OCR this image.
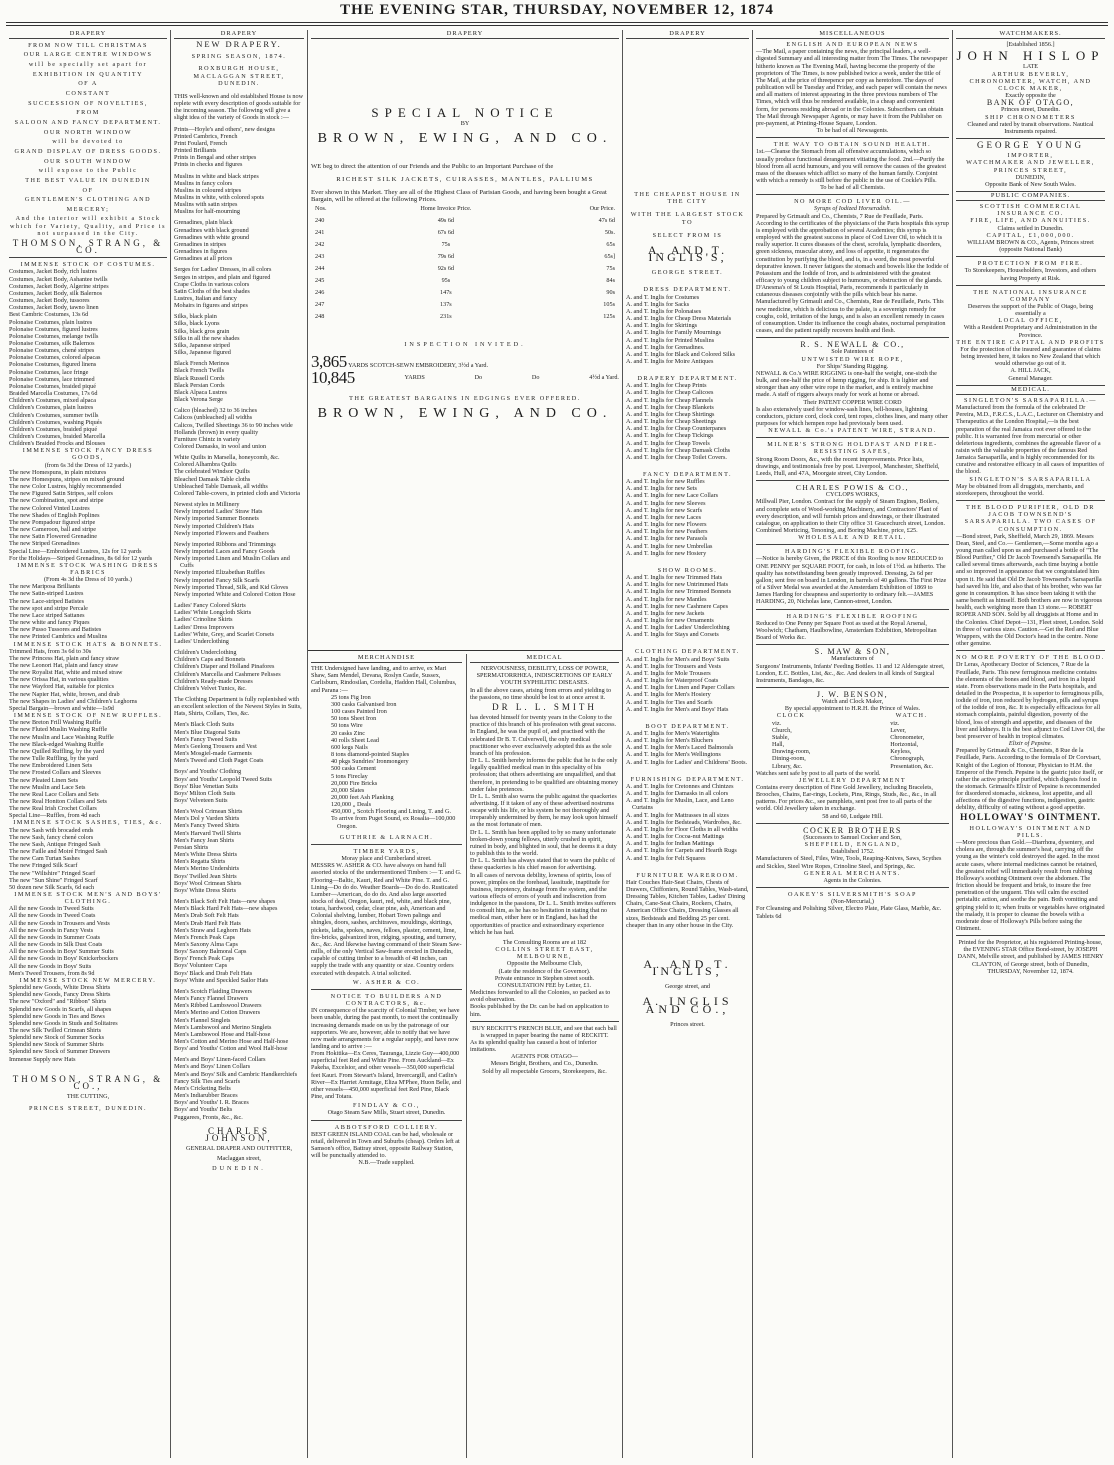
THE EVENING STAR, THURSDAY, NOVEMBER 12, 1874
DRAPERY
FROM NOW TILL CHRISTMAS
OUR LARGE CENTRE WINDOWS
will be specially set apart for
EXHIBITION IN QUANTITY
OF A
CONSTANT
SUCCESSION OF NOVELTIES,
FROM
SALOON AND FANCY DEPARTMENT.
OUR NORTH WINDOW
will be devoted to
GRAND DISPLAY OF DRESS GOODS.
OUR SOUTH WINDOW
will expose to the Public
THE BEST VALUE IN DUNEDIN
OF
GENTLEMEN'S CLOTHING AND
MERCERY;
And the interior will exhibit a Stock which for Variety, Quality, and Price is not surpassed in the City.
THOMSON, STRANG, & CO.
IMMENSE STOCK OF COSTUMES.
Costumes, Jacket Body, rich lustres
Costumes, Jacket Body, Ashantee twills
Costumes, Jacket Body, Algerine stripes
Costumes, Jacket Body, silk Balernos
Costumes, Jacket Body, tussores
Costumes, Jacket Body, tawno linen
Best Cambric Costumes, 13s 6d
Polonaise Costumes, plain lustres
Polonaise Costumes, figured lustres
Polonaise Costumes, melange twills
Polonaise Costumes, silk Balernos
Polonaise Costumes, chené stripes
Polonaise Costumes, colored alpacas
Polonaise Costumes, figured linens
Polonaise Costumes, lace fringe
Polonaise Costumes, lace trimmed
Polonaise Costumes, braided piqué
Braided Marcella Costumes, 17s 6d
Children's Costumes, mixed alpaca
Children's Costumes, plain lustres
Children's Costumes, summer twills
Children's Costumes, washing Piqués
Children's Costumes, braided piqué
Children's Costumes, braided Marcella
Children's Braided Frocks and Blouses
IMMENSE STOCK FANCY DRESS GOODS,
(from 6s 3d the Dress of 12 yards.)
The new Homespuns, in plain mixtures
The new Homespuns, stripes on mixed ground
The new Color Lustres, highly recommended
The new Figured Satin Stripes, self colors
The new Combination, spot and stripe
The new Colored Vinted Lustres
The new Shades of English Poplines
The new Pompadour figured stripe
The new Cameroon, ball and stripe
The new Satin Flowered Grenadine
The new Striped Grenadines
Special Line—Embroidered Lustres, 12s for 12 yards
For the Holidays—Striped Grenadines, 8s 6d for 12 yards
IMMENSE STOCK WASHING DRESS FABRICS
(From 4s 3d the Dress of 10 yards.)
The new Mariposa Brilliants
The new Satin-striped Lustres
The new Lace-striped Batistes
The new spot and stripe Percale
The new Lace striped Sattanes
The new white and fancy Piques
The new Pusso Tussores and Batistes
The new Printed Cambrics and Muslins
IMMENSE STOCK HATS & BONNETS.
Trimmed Hats, from 3s 6d to 30s
The new Princess Hat, plain and fancy straw
The new Leonori Hat, plain and fancy straw
The new Royalist Hat, white and mixed straw
The new Orissa Hat, in various qualities
The new Wayford Hat, suitable for picnics
The new Napier Hat, white, brown, and drab
The new Shapes in Ladies' and Children's Leghorns
Special Bargain—brown and white—1s9d
IMMENSE STOCK OF NEW RUFFLES.
The new Breton Frill Washing Ruffle
The new Fluted Muslin Washing Ruffle
The new Muslin and Lace Washing Ruffle
The new Black-edged Washing Ruffle
The new Quilled Ruffling, by the yard
The new Tulle Ruffling, by the yard
The new Embroidered Linen Sets
The new Frosted Collars and Sleeves
The new Pleated Linen Sets
The new Muslin and Lace Sets
The new Real Lace Collars and Sets
The new Real Honiton Collars and Sets
The new Real Irish Crochet Collars
Special Line—Ruffles, from 4d each
IMMENSE STOCK SASHES, TIES, &c.
The new Sash with brocaded ends
The new Sash, fancy chené colors
The new Sash, Antique Fringed Sash
The new Faille and Moiré Fringed Sash
The new Cam Turtan Sashes
The new Fringed Silk Scarf
The new "Wiltshire" Fringed Scarf
The new "Sun Shine" Fringed Scarf
50 dozen new Silk Scarfs, 6d each
IMMENSE STOCK MEN'S AND BOYS' CLOTHING.
All the new Goods in Tweed Suits
All the new Goods in Tweed Coats
All the new Goods in Trousers and Vests
All the new Goods in Fancy Vests
All the new Goods in Summer Coats
All the new Goods in Silk Dust Coats
All the new Goods in Boys' Summer Suits
All the new Goods in Boys' Knickerbockers
All the new Goods in Boys' Suits
Men's Tweed Trousers, from 8s 9d
IMMENSE STOCK NEW MERCERY.
Splendid new Goods, White Dress Shirts
Splendid new Goods, Fancy Dress Shirts
The new "Oxford" and "Ribbon" Shirts
Splendid new Goods in Scarfs, all shapes
Splendid new Goods in Ties and Bows
Splendid new Goods in Studs and Solitaires
The new Silk Twilled Crimean Shirts
Splendid new Stock of Summer Socks
Splendid new Stock of Summer Shirts
Splendid new Stock of Summer Drawers
Immense Supply new Hats
THOMSON, STRANG, & CO.,
THE CUTTING,
PRINCES STREET, DUNEDIN.
DRAPERY
NEW DRAPERY.
SPRING SEASON, 1874.
ROXBURGH HOUSE,
MACLAGGAN STREET, DUNEDIN.

THIS well-known and old established House is now replete with every description of goods suitable for the incoming season. The following will give a slight idea of the variety of Goods in stock :—

Prints—Hoyle's and others', new designs
Printed Cambrics, French
Print Foulard, French
Printed Brilliants
Prints in Bengal and other stripes
Prints in checks and figures
Muslins in white and black stripes
Muslins in fancy colors
Muslins in coloured stripes
Muslins in white, with colored spots
Muslins with satin stripes
Muslins for half-mourning
Grenadines, plain black
Grenadines with black ground
Grenadines with white ground
Grenadines in stripes
Grenadines in figures
Grenadines at all prices
Serges for Ladies' Dresses, in all colors
Serges in stripes, and plain and figured
Crape Cloths in various colors
Satin Cloths of the best shades
Lustres, Italian and fancy
Mohairs in figures and stripes
Silks, black plain
Silks, black Lyons
Silks, black gros grain
Silks in all the new shades
Silks, Japanese striped
Silks, Japanese figured
Black French Merinos
Black French Twills
Black Russell Cords
Black Persian Cords
Black Alpaca Lustres
Black Verona Serge
Calico (bleached) 32 to 36 inches
Calicos (unbleached) all widths
Calicos, Twilled Sheetings 36 to 90 inches wide
Hollands (brown) in every quality
Furniture Chintz in variety
Colored Damasks, in wool and union
White Quilts in Marsella, honeycomb, &c.
Colored Alhambra Quilts
The celebrated Windsor Quilts
Bleached Damask Table cloths
Unbleached Table Damask, all widths
Colored Table-covers, in printed cloth and Victoria
Newest styles in Millinery
Newly imported Ladies' Straw Hats
Newly imported Summer Bonnets
Newly imported Children's Hats
Newly imported Flowers and Feathers
Newly imported Ribbons and Trimmings
Newly imported Laces and Fancy Goods
Newly imported Linen and Muslin Collars and Cuffs
Newly imported Elizabethan Ruffles
Newly imported Fancy Silk Scarfs
Newly imported Thread, Silk, and Kid Gloves
Newly imported White and Colored Cotton Hose
Ladies' Fancy Colored Skirts
Ladies' White Longcloth Skirts
Ladies' Crinoline Skirts
Ladies' Dress Improvers
Ladies' White, Grey, and Scarlet Corsets
Ladies' Underclothing
Children's Underclothing
Children's Caps and Bonnets
Children's Diaper and Holland Pinafores
Children's Marcella and Cashmere Pelisses
Children's Ready-made Dresses
Children's Velvet Tunics, &c.

The Clothing Department is fully replenished with an excellent selection of the Newest Styles in Suits, Hats, Shirts, Collars, Ties, &c.

Men's Black Cloth Suits
Men's Blue Diagonal Suits
Men's Fancy Tweed Suits
Men's Geelong Trousers and Vest
Men's Mosgiel-made Garments
Men's Tweed and Cloth Paget Coats
Boys' and Youths' Clothing
Boys' and Youths' Leopold Tweed Suits
Boys' Blue Venetian Suits
Boys' Milton Cloth Suits
Boys' Velveteen Suits
Men's Wool Crimean Shirts
Men's Dol y Varden Shirts
Men's Fancy Tweed Shirts
Men's Harvard Twill Shirts
Men's Fancy Jean Shirts
Persian Shirts
Men's White Dress Shirts
Men's Regatta Shirts
Men's Merino Undershirts
Boys' Twilled Jean Shirts
Boys' Wool Crimean Shirts
Boys' White Dress Shirts
Men's Black Soft Felt Hats—new shapes
Men's Black Hard Felt Hats—new shapes
Men's Drab Soft Felt Hats
Men's Drab Hard Felt Hats
Men's Straw and Leghorn Hats
Men's French Peak Caps
Men's Saxony Alma Caps
Boys' Saxony Balmoral Caps
Boys' French Peak Caps
Boys' Volunteer Caps
Boys' Black and Drab Felt Hats
Boys' White and Speckled Sailor Hats
Men's Scotch Flaiding Drawers
Men's Fancy Flannel Drawers
Men's Ribbed Lambswool Drawers
Men's Merino and Cotton Drawers
Men's Flannel Singlets
Men's Lambswool and Merino Singlets
Men's Lambswool Hose and Half-hose
Men's Cotton and Merino Hose and Half-hose
Boys' and Youths' Cotton and Wool Half-hose
Men's and Boys' Linen-faced Collars
Men's and Boys' Linen Collars
Men's and Boys' Silk and Cambric Handkerchiefs
Fancy Silk Ties and Scarfs
Men's Cricketing Belts
Men's Indiarubber Braces
Boys' and Youths' I. R. Braces
Boys' and Youths' Belts
Puggarees, Fronts, &c., &c.
CHARLES JOHNSON,
GENERAL DRAPER AND OUTFITTER,
Maclaggan street,
DUNEDIN.
DRAPERY
SPECIAL NOTICE
BY
BROWN, EWING, AND CO.

WE beg to direct the attention of our Friends and the Public to an Important Purchase of the

RICHEST SILK JACKETS, CUIRASSES, MANTLES, PALLIUMS

Ever shown in this Market. They are all of the Highest Class of Parisian Goods, and having been bought a Great Bargain, will be offered at the following Prices.

Nos.	Home Invoice Price.	Our Price.
240	49s 6d	47s 6d
241	67s 6d	50s.
242	75s	65s
243	79s 6d	65s]
244	92s 6d	75s
245	95s	84s
246	147s	90s
247	137s	105s
248	231s	125s
INSPECTION INVITED.
3,865 YARDS SCOTCH-SEWN EMBROIDERY, 3½d a Yard.
10,845	YARDS	Do	Do	4½d a Yard.
THE GREATEST BARGAINS IN EDGINGS EVER OFFERED.
BROWN, EWING, AND CO.
MERCHANDISE

THE Undersigned have landing, and to arrive, ex Mari Shaw, Sam Mendel, Devana, Roslyn Castle, Sussex, Carlisburn, Rindosilan, Cordelia, Haddon Hall, Columbus, and Parana :—

25 tons Fig Iron
300 casks Galvanised Iron
100 cases Painted Iron
50 tons Sheet Iron
50 tons Wire
20 casks Zinc
40 rolls Sheet Lead
600 kegs Nails
8 tons diamond-pointed Staples
40 pkgs Sundries' Ironmongery
500 casks Cement
5 tons Fireclay
20,000 Fire Bricks
20,000 Slates
20,000 feet Ash Planking
120,000 „ Deals
450,000 „ Scotch Flooring and Lining, T. and G.
To arrive from Puget Sound, ex Rosalia—100,000 Oregon.
GUTHRIE & LARNACH.
TIMBER YARDS,
Moray place and Cumberland street.

MESSRS W. ASHER & CO. have always on hand full assorted stocks of the undermentioned Timbers :— T. and G. Flooring—Baltic, Kauri, Red and White Pine. T. and G. Lining—Do do do. Weather Boards—Do do do. Rusticated Lumber—American, do do do. And also large assorted stocks of deal, Oregon, kauri, red, white, and black pine, totara, hardwood, cedar, clear pine, ash, American and Colonial shelving, lumber, Hobart Town palings and shingles, doors, sashes, architraves, mouldings, skirtings, pickets, laths, spokes, naves, felloes, plaster, cement, lime, fire-bricks, galvanized iron, ridging, spouting, and turnery, &c., &c. And likewise having command of their Steam Saw-mills, of the only Vertical Saw-frame erected in Dunedin, capable of cutting timber to a breadth of 48 inches, can supply the trade with any quantity or size. Country orders executed with despatch. A trial solicited.

W. ASHER & CO.
NOTICE TO BUILDERS AND CONTRACTORS, &c.

IN consequence of the scarcity of Colonial Timber, we have been unable, during the past month, to meet the continually increasing demands made on us by the patronage of our supporters. We are, however, able to notify that we have now made arrangements for a regular supply, and have now landing and to arrive :—

From Hokitika—Ex Ceres, Tauranga, Lizzie Guy—400,000 superficial feet Red and White Pine. From Auckland—Ex Pakeha, Excelsior, and other vessels—350,000 superficial feet Kauri. From Stewart's Island, Invercargill, and Catlin's River—Ex Harriet Armitage, Eliza M'Phee, Huon Belle, and other vessels—450,000 superficial feet Red Pine, Black Pine, and Totara.

FINDLAY & CO.,
Otago Steam Saw Mills, Stuart street, Dunedin.
ABBOTSFORD COLLIERY.

BEST GREEN ISLAND COAL can be had, wholesale or retail, delivered in Town and Suburbs (cheap). Orders left at Samson's office, Battray street, opposite Railway Station, will be punctually attended to.

N.B.—Trade supplied.
MEDICAL
NERVOUSNESS, DEBILITY, LOSS OF POWER, SPERMATORRHŒA, INDISCRETIONS OF EARLY YOUTH SYPHILITIC DISEASES.

In all the above cases, arising from errors and yielding to the passions, no time should be lost to at once arrest it.

DR L. L. SMITH

has devoted himself for twenty years in the Colony to the practice of this branch of his profession with great success. In England, he was the pupil of, and practised with the celebrated Dr B. T. Culverwell, the only medical practitioner who ever exclusively adopted this as the sole branch of his profession.

Dr L. L. Smith hereby informs the public that he is the only legally qualified medical man in this speciality of his profession; that others advertising are unqualified, and that therefore, in pretending to be qualified are obtaining money under false pretences.

Dr L. L. Smith also warns the public against the quackeries advertising. If it taken of any of these advertised nostrums escape with his life, or his system be not thoroughly and irreparably undermined by them, he may look upon himself as the most fortunate of men.

Dr L. L. Smith has been applied to by so many unfortunate broken-down young fellows, utterly crushed in spirit, ruined in body, and blighted in soul, that he deems it a duty to publish this to the world.

Dr L. L. Smith has always stated that to warn the public of these quackeries is his chief reason for advertising.

In all cases of nervous debility, lowness of spirits, loss of power, pimples on the forehead, lassitude, inaptitude for business, impotency, drainage from the system, and the various effects of errors of youth and indiscretion from indulgence in the passions, Dr L. L. Smith invites sufferers to consult him, as he has no hesitation in stating that no medical man, either here or in England, has had the opportunities of practice and extraordinary experience which he has had.

The Consulting Rooms are at 182
COLLINS STREET EAST, MELBOURNE,
Opposite the Melbourne Club,
(Late the residence of the Governor).
Private entrance in Stephen street south.
CONSULTATION FEE by Letter, £1.

Medicines forwarded to all the Colonies, so packed as to avoid observation.

Books published by the Dr. can be had on application to him.

BUY RECKITT'S FRENCH BLUE, and see that each ball is wrapped in paper bearing the name of RECKITT.

As its splendid quality has caused a host of inferior imitations.

AGENTS FOR OTAGO—
Messrs Bright, Brothers, and Co., Dunedin.
Sold by all respectable Grocers, Storekeepers, &c.
DRAPERY
THE CHEAPEST HOUSE IN THE CITY
WITH THE LARGEST STOCK TO
SELECT FROM IS
A. AND T. INGLIS'S,
GEORGE STREET.
DRESS DEPARTMENT.
A. and T. Inglis for Costumes
A. and T. Inglis for Sacks
A. and T. Inglis for Polonaises
A. and T. Inglis for Cheap Dress Materials
A. and T. Inglis for Skirtings
A. and T. Inglis for Family Mournings
A. and T. Inglis for Printed Muslins
A. and T. Inglis for Grenadines.
A. and T. Inglis for Black and Colored Silks
A. and T. Inglis for Moire Antiques
DRAPERY DEPARTMENT.
A. and T. Inglis for Cheap Prints
A. and T. Inglis for Cheap Calicoes
A. and T. Inglis for Cheap Flannels
A. and T. Inglis for Cheap Blankets
A. and T. Inglis for Cheap Shirtings
A. and T. Inglis for Cheap Sheetings
A. and T. Inglis for Cheap Counterpanes
A. and T. Inglis for Cheap Tickings
A. and T. Inglis for Cheap Towels
A. and T. Inglis for Cheap Damask Cloths
A. and T. Inglis for Cheap Toilet Covers.
FANCY DEPARTMENT.
A. and T. Inglis for new Ruffles
A. and T. Inglis for new Sets
A. and T. Inglis for new Lace Collars
A. and T. Inglis for new Sleeves
A. and T. Inglis for new Scarfs
A. and T. Inglis for new Laces
A. and T. Inglis for new Flowers
A. and T. Inglis for new Feathers
A. and T. Inglis for new Parasols
A. and T. Inglis for new Umbrellas
A. and T. Inglis for new Hosiery
SHOW ROOMS.
A. and T. Inglis for new Trimmed Hats
A. and T. Inglis for new Untrimmed Hats
A. and T. Inglis for new Trimmed Bonnets
A. and T. Inglis for new Mantles
A. and T. Inglis for new Cashmere Capes
A. and T. Inglis for new Jackets
A. and T. Inglis for new Ornaments
A. and T. Inglis for Ladies' Underclothing
A. and T. Inglis for Stays and Corsets
CLOTHING DEPARTMENT.
A. and T. Inglis for Men's and Boys' Suits
A. and T. Inglis for Trousers and Vests
A. and T. Inglis for Mole Trousers
A. and T. Inglis for Waterproof Coats
A. and T. Inglis for Linen and Paper Collars
A. and T. Inglis for Men's Hosiery
A. and T. Inglis for Ties and Scarfs
A. and T. Inglis for Men's and Boys' Hats
BOOT DEPARTMENT.
A. and T. Inglis for Men's Watertights
A. and T. Inglis for Men's Bluchers
A. and T. Inglis for Men's Laced Balmorals
A. and T. Inglis for Men's Wellingtons
A. and T. Inglis for Ladies' and Childrens' Boots.
FURNISHING DEPARTMENT.
A. and T. Inglis for Cretonnes and Chintzes
A. and T. Inglis for Damasks in all colors
A. and T. Inglis for Muslin, Lace, and Leno Curtains
A. and T. Inglis for Mattrasses in all sizes
A. and T. Inglis for Bedsteads, Wardrobes, &c.
A. and T. Inglis for Floor Cloths in all widths
A. and T. Inglis for Cocoa-nut Mattings
A. and T. Inglis for Indian Mattings
A. and T. Inglis for Carpets and Hearth Rugs
A. and T. Inglis for Felt Squares
FURNITURE WAREROOM.

Hair Couches Hair-Seat Chairs, Chests of Drawers, Chiffoniers, Round Tables, Wash-stand, Dressing Tables, Kitchen Tables, Ladies' Dining Chairs, Cane-Seat Chairs, Rockers, Chairs, American Office Chairs, Dressing Glasses all sizes, Bedsteads and Bedding 25 per cent. cheaper than in any other house in the City.

A. AND T. INGLIS,
George street, and
A. INGLIS AND CO.,
Princes street.
MISCELLANEOUS
ENGLISH AND EUROPEAN NEWS

—The Mail, a paper containing the news, the principal leaders, a well-digested Summary and all interesting matter from The Times. The newspaper hitherto known as The Evening Mail, having become the property of the proprietors of The Times, is now published twice a week, under the title of The Mail, at the price of threepence per copy as heretofore. The days of publication will be Tuesday and Friday, and each paper will contain the news and all matters of interest appearing in the three previous numbers of The Times, which will thus be rendered available, in a cheap and convenient form, for persons residing abroad or in the Colonies. Subscribers can obtain The Mail through Newspaper Agents, or may have it from the Publisher on pre-payment, at Printing-House Square, London.

To be had of all Newsagents.
THE WAY TO OBTAIN SOUND HEALTH.

1st.—Cleanse the Stomach from all offensive accumulations, which so usually produce functional derangement vitiating the food. 2nd.—Purify the blood from all acrid humours, and you will remove the causes of the greatest mass of the diseases which afflict so many of the human family. Conjoint with which a remedy is still before the public in the use of Cockle's Pills.

To be had of all Chemists.
NO MORE COD LIVER OIL.—
Syrups of Iodized Horseradish.

Prepared by Grimault and Co., Chemists, 7 Rue de Feuillade, Paris. According to the certificates of the physicians of the Paris hospitals this syrup is employed with the approbation of several Academies; this syrup is employed with the greatest success in place of Cod Liver Oil, to which it is really superior. It cures diseases of the chest, scrofula, lymphatic disorders, green sickness, muscular atony, and loss of appetite, it regenerates the constitution by purifying the blood, and is, in a word, the most powerful depurative known. It never fatigues the stomach and bowels like the Iodide of Potassium and the Iodide of Iron, and is administered with the greatest efficacy to young children subject to humours, or obstruction of the glands. D'Anesma's of St Louis Hospital, Paris, recommends it particularly in cutaneous diseases conjointly with the pills which bear his name. Manufactured by Grimault and Co., Chemists, Rue de Feuillade, Paris. This new medicine, which is delicious to the palate, is a sovereign remedy for coughs, cold, irritation of the lungs, and is also an excellent remedy in cases of consumption. Under its influence the cough abates, nocturnal perspiration ceases, and the patient rapidly recovers health and flesh.

R. S. NEWALL & CO.,
Sole Patentees of
UNTWISTED WIRE ROPE,
For Ships' Standing Rigging.

NEWALL & Co.'s WIRE RIGGING is one-half the weight, one-sixth the bulk, and one-half the price of hemp rigging, for ship. It is lighter and stronger than any other wire rope in the market, and is entirely machine made. A staff of riggers always ready for work at home or abroad.

Their PATENT COPPER WIRE CORD

Is also extensively used for window-sash lines, bell-houses, lightning conductors, picture cord, clock cord, tent ropes, clothes lines, and many other purposes for which hempen rope had previously been used.

NEWALL & Co.'s PATENT WIRE, STRAND.
MILNER'S STRONG HOLDFAST AND FIRE-RESISTING SAFES,

Strong Room Doors, &c., with the recent improvements. Price lists, drawings, and testimonials free by post. Liverpool, Manchester, Sheffield, Leeds, Hull, and 47A, Moorgate street, City London.

CHARLES POWIS & CO.,
CYCLOPS WORKS,

Millwall Pier, London. Contract for the supply of Steam Engines, Boilers, and complete sets of Wood-working Machinery, and Contractors' Plant of every description, and will furnish prices and drawings, or their illustrated catalogue, on application to their City office 31 Gracechurch street, London. Combined Morticing, Tenoning, and Boring Machine, price, £25.

WHOLESALE AND RETAIL.
HARDING'S FLEXIBLE ROOFING.

—Notice is hereby Given, the PRICE of this Roofing is now REDUCED to ONE PENNY per SQUARE FOOT, for cash, in lots of 1½d. as hitherto. The quality has notwithstanding been greatly improved. Dressing, 2s 6d per gallon; sent free on board in London, in barrels of 40 gallons. The First Prize of a Silver Medal was awarded at the Amsterdam Exhibition of 1869 to James Harding for cheapness and superiority to ordinary felt.—JAMES HARDING, 20, Nicholas lane, Cannon-street, London.

HARDING'S FLEXIBLE ROOFING

Reduced to One Penny per Square Foot as used at the Royal Arsenal, Woolwich; Chatham, Haulbowline, Amsterdam Exhibition, Metropolitan Board of Works &c.

S. MAW & SON,
Manufacturers of

Surgeons' Instruments, Infants' Feeding Bottles. 11 and 12 Aldersgate street, London, E.C. Bottles, List, &c., &c. And dealers in all kinds of Surgical Instruments, Bandages, &c.

J. W. BENSON,
Watch and Clock Maker,
By special appointment to H.R.H. the Prince of Wales.
CLOCK
viz.
Church,
Stable,
Hall,
Drawing-room,
Dining-room,
Library, &c.
WATCH.
viz.
Lever,
Chronometer,
Horizontal,
Keyless,
Chronograph,
Presentation, &c.

Watches sent safe by post to all parts of the world.

JEWELLERY DEPARTMENT

Contains every description of Fine Gold Jewellery, including Bracelets, Brooches, Chains, Ear-rings, Lockets, Pins, Rings, Studs, &c., &c., in all patterns. For prices &c., see pamphlets, sent post free to all parts of the world. Old Jewellery taken in exchange.

58 and 60, Ludgate Hill.
COCKER BROTHERS
(Successors to Samuel Cocker and Son,
SHEFFIELD, ENGLAND,
Established 1752.

Manufacturers of Steel, Files, Wire, Tools, Reaping-Knives, Saws, Scythes and Sickles, Steel Wire Ropes, Crinoline Steel, and Springs, &c.

GENERAL MERCHANTS.
Agents in the Colonies.
OAKEY'S SILVERSMITH'S SOAP
(Non-Mercurial,)

For Cleansing and Polishing Silver, Electro Plate, Plate Glass, Marble, &c. Tablets 6d

WATCHMAKERS.
[Established 1856.]
JOHN HISLOP
LATE
ARTHUR BEVERLY,
CHRONOMETER, WATCH, AND CLOCK MAKER,
Exactly opposite the
BANK OF OTAGO,
Princes street, Dunedin.
SHIP CHRONOMETERS

Cleaned and rated by transit observations. Nautical Instruments repaired.

GEORGE YOUNG
IMPORTER,
WATCHMAKER AND JEWELLER,
PRINCES STREET,
DUNEDIN,
Opposite Bank of New South Wales.
PUBLIC COMPANIES.
SCOTTISH COMMERCIAL INSURANCE CO.
FIRE, LIFE, AND ANNUITIES.
Claims settled in Dunedin.
CAPITAL, £1,000,000.

WILLIAM BROWN & CO., Agents, Princes street (opposite National Bank)

PROTECTION FROM FIRE.

To Storekeepers, Householders, Investors, and others having Property at Risk.

THE NATIONAL INSURANCE COMPANY

Deserves the support of the Public of Otago, being essentially a

LOCAL OFFICE,

With a Resident Proprietary and Administration in the Province.

THE ENTIRE CAPITAL AND PROFITS

For the protection of the insured and guarantee of claims being invested here, it takes no New Zealand that which would otherwise go out of it.

A. HILL JACK,
General Manager.
MEDICAL.
SINGLETON'S SARSAPARILLA.—

Manufactured from the formula of the celebrated Dr Pereira, M.D., F.R.C.S., L.A.C., Lecturer on Chemistry and Therapeutics at the London Hospital,—is the best preparation of the real Jamaica root ever offered to the public. It is warranted free from mercurial or other deleterious ingredients, combines the agreeable flavor of a raisin with the valuable properties of the famous Red Jamaica Sarsaparilla, and is highly recommended for its curative and restorative efficacy in all cases of impurities of the blood.

SINGLETON'S SARSAPARILLA

May be obtained from all druggists, merchants, and storekeepers, throughout the world.

THE BLOOD PURIFIER, OLD DR JACOB TOWNSEND'S SARSAPARILLA. TWO CASES OF CONSUMPTION.

—Bond street, Park, Sheffield, March 29, 1869. Messrs Dean, Steel, and Co.— Gentlemen,—Some months ago a young man called upon us and purchased a bottle of "The Blood Purifier," Old Dr Jacob Townsend's Sarsaparilla. He called several times afterwards, each time buying a bottle and so improved in appearance that we congratulated him upon it. He said that Old Dr Jacob Townsend's Sarsaparilla had saved his life, and also that of his brother, who was far gone in consumption. It has since been taking it with the same benefit as himself. Both brothers are now in vigorous health, each weighing more than 13 stone.— ROBERT ROPER AND SON. Sold by all druggists at Home and in the Colonies. Chief Depot—131, Fleet street, London. Sold in three of various sizes. Caution.—Get the Red and Blue Wrappers, with the Old Doctor's head in the centre. None other genuine.

NO MORE POVERTY OF THE BLOOD.

Dr Leras, Apothecary Doctor of Sciences, 7 Rue de la Feuillade, Paris. This new ferruginous medicine contains the elements of the bones and blood, and iron in a liquid state. From observations made in the Paris hospitals, and detailed in the Prospectus, it is superior to ferruginous pills, iodide of iron, iron reduced by hydrogen, pills and syrups of the iodide of iron, &c. It is especially efficacious for all stomach complaints, painful digestion, poverty of the blood, loss of strength and appetite, and diseases of the liver and kidneys. It is the best adjunct to Cod Liver Oil, the best preserver of health in tropical climates.

Elixir of Pepsine.

Prepared by Grimault & Co., Chemists, 8 Rue de la Feuillade, Paris. According to the formula of Dr Corvisart, Knight of the Legion of Honour, Physician to H.M. the Emperor of the French. Pepsine is the gastric juice itself, or rather the active principle purified, which digests food in the stomach. Grimault's Elixir of Pepsine is recommended for disordered stomachs, sickness, lost appetite, and all affections of the digestive functions, indigestion, gastric debility, difficulty of eating without a good appetite.

HOLLOWAY'S OINTMENT.
HOLLOWAY'S OINTMENT AND PILLS.

—More precious than Gold.—Diarrhœa, dysentery, and cholera are, through the summer's heat, carrying off the young as the winter's cold destroyed the aged. In the most acute cases, where internal medicines cannot be retained, the greatest relief will immediately result from rubbing Holloway's soothing Ointment over the abdomen. The friction should be frequent and brisk, to insure the free penetration of the unguent. This will calm the excited peristaltic action, and soothe the pain. Both vomiting and griping yield to it; when fruits or vegetables have originated the malady, it is proper to cleanse the bowels with a moderate dose of Holloway's Pills before using the Ointment.

Printed for the Proprietor, at his registered Printing-house, the EVENING STAR Office Bond-street, by JOSEPH DANN, Melville street, and published by JAMES HENRY CLAYTON, of George street, both of Dunedin, THURSDAY, November 12, 1874.
